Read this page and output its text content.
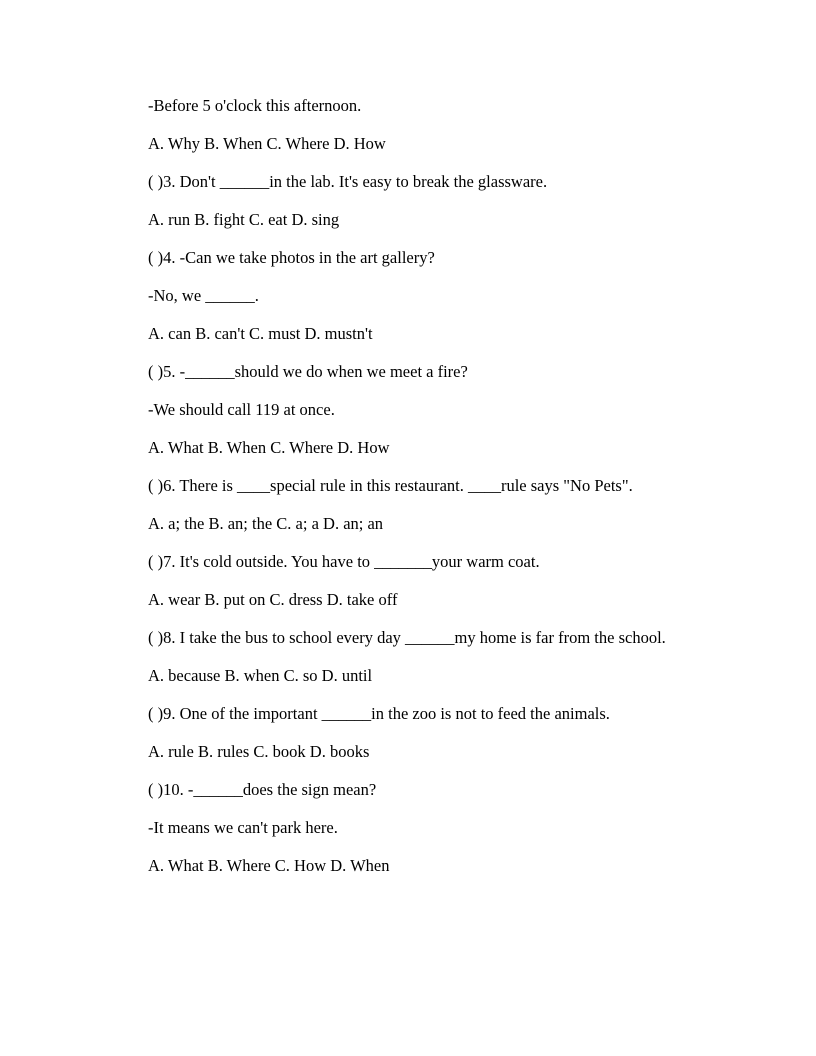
-Before 5 o'clock this afternoon.

A. Why B. When C. Where D. How

( )3. Don't ______in the lab. It's easy to break the glassware.

A. run B. fight C. eat D. sing

( )4. -Can we take photos in the art gallery?

-No, we ______.

A. can B. can't C. must D. mustn't

( )5. -______should we do when we meet a fire?

-We should call 119 at once.

A. What B. When C. Where D. How

( )6. There is ____special rule in this restaurant. ____rule says "No Pets".

A. a; the B. an; the C. a; a D. an; an

( )7. It's cold outside. You have to _______your warm coat.

A. wear B. put on C. dress D. take off

( )8. I take the bus to school every day ______my home is far from the school.

A. because B. when C. so D. until

( )9. One of the important ______in the zoo is not to feed the animals.

A. rule B. rules C. book D. books

( )10. -______does the sign mean?

-It means we can't park here.

A. What B. Where C. How D. When
